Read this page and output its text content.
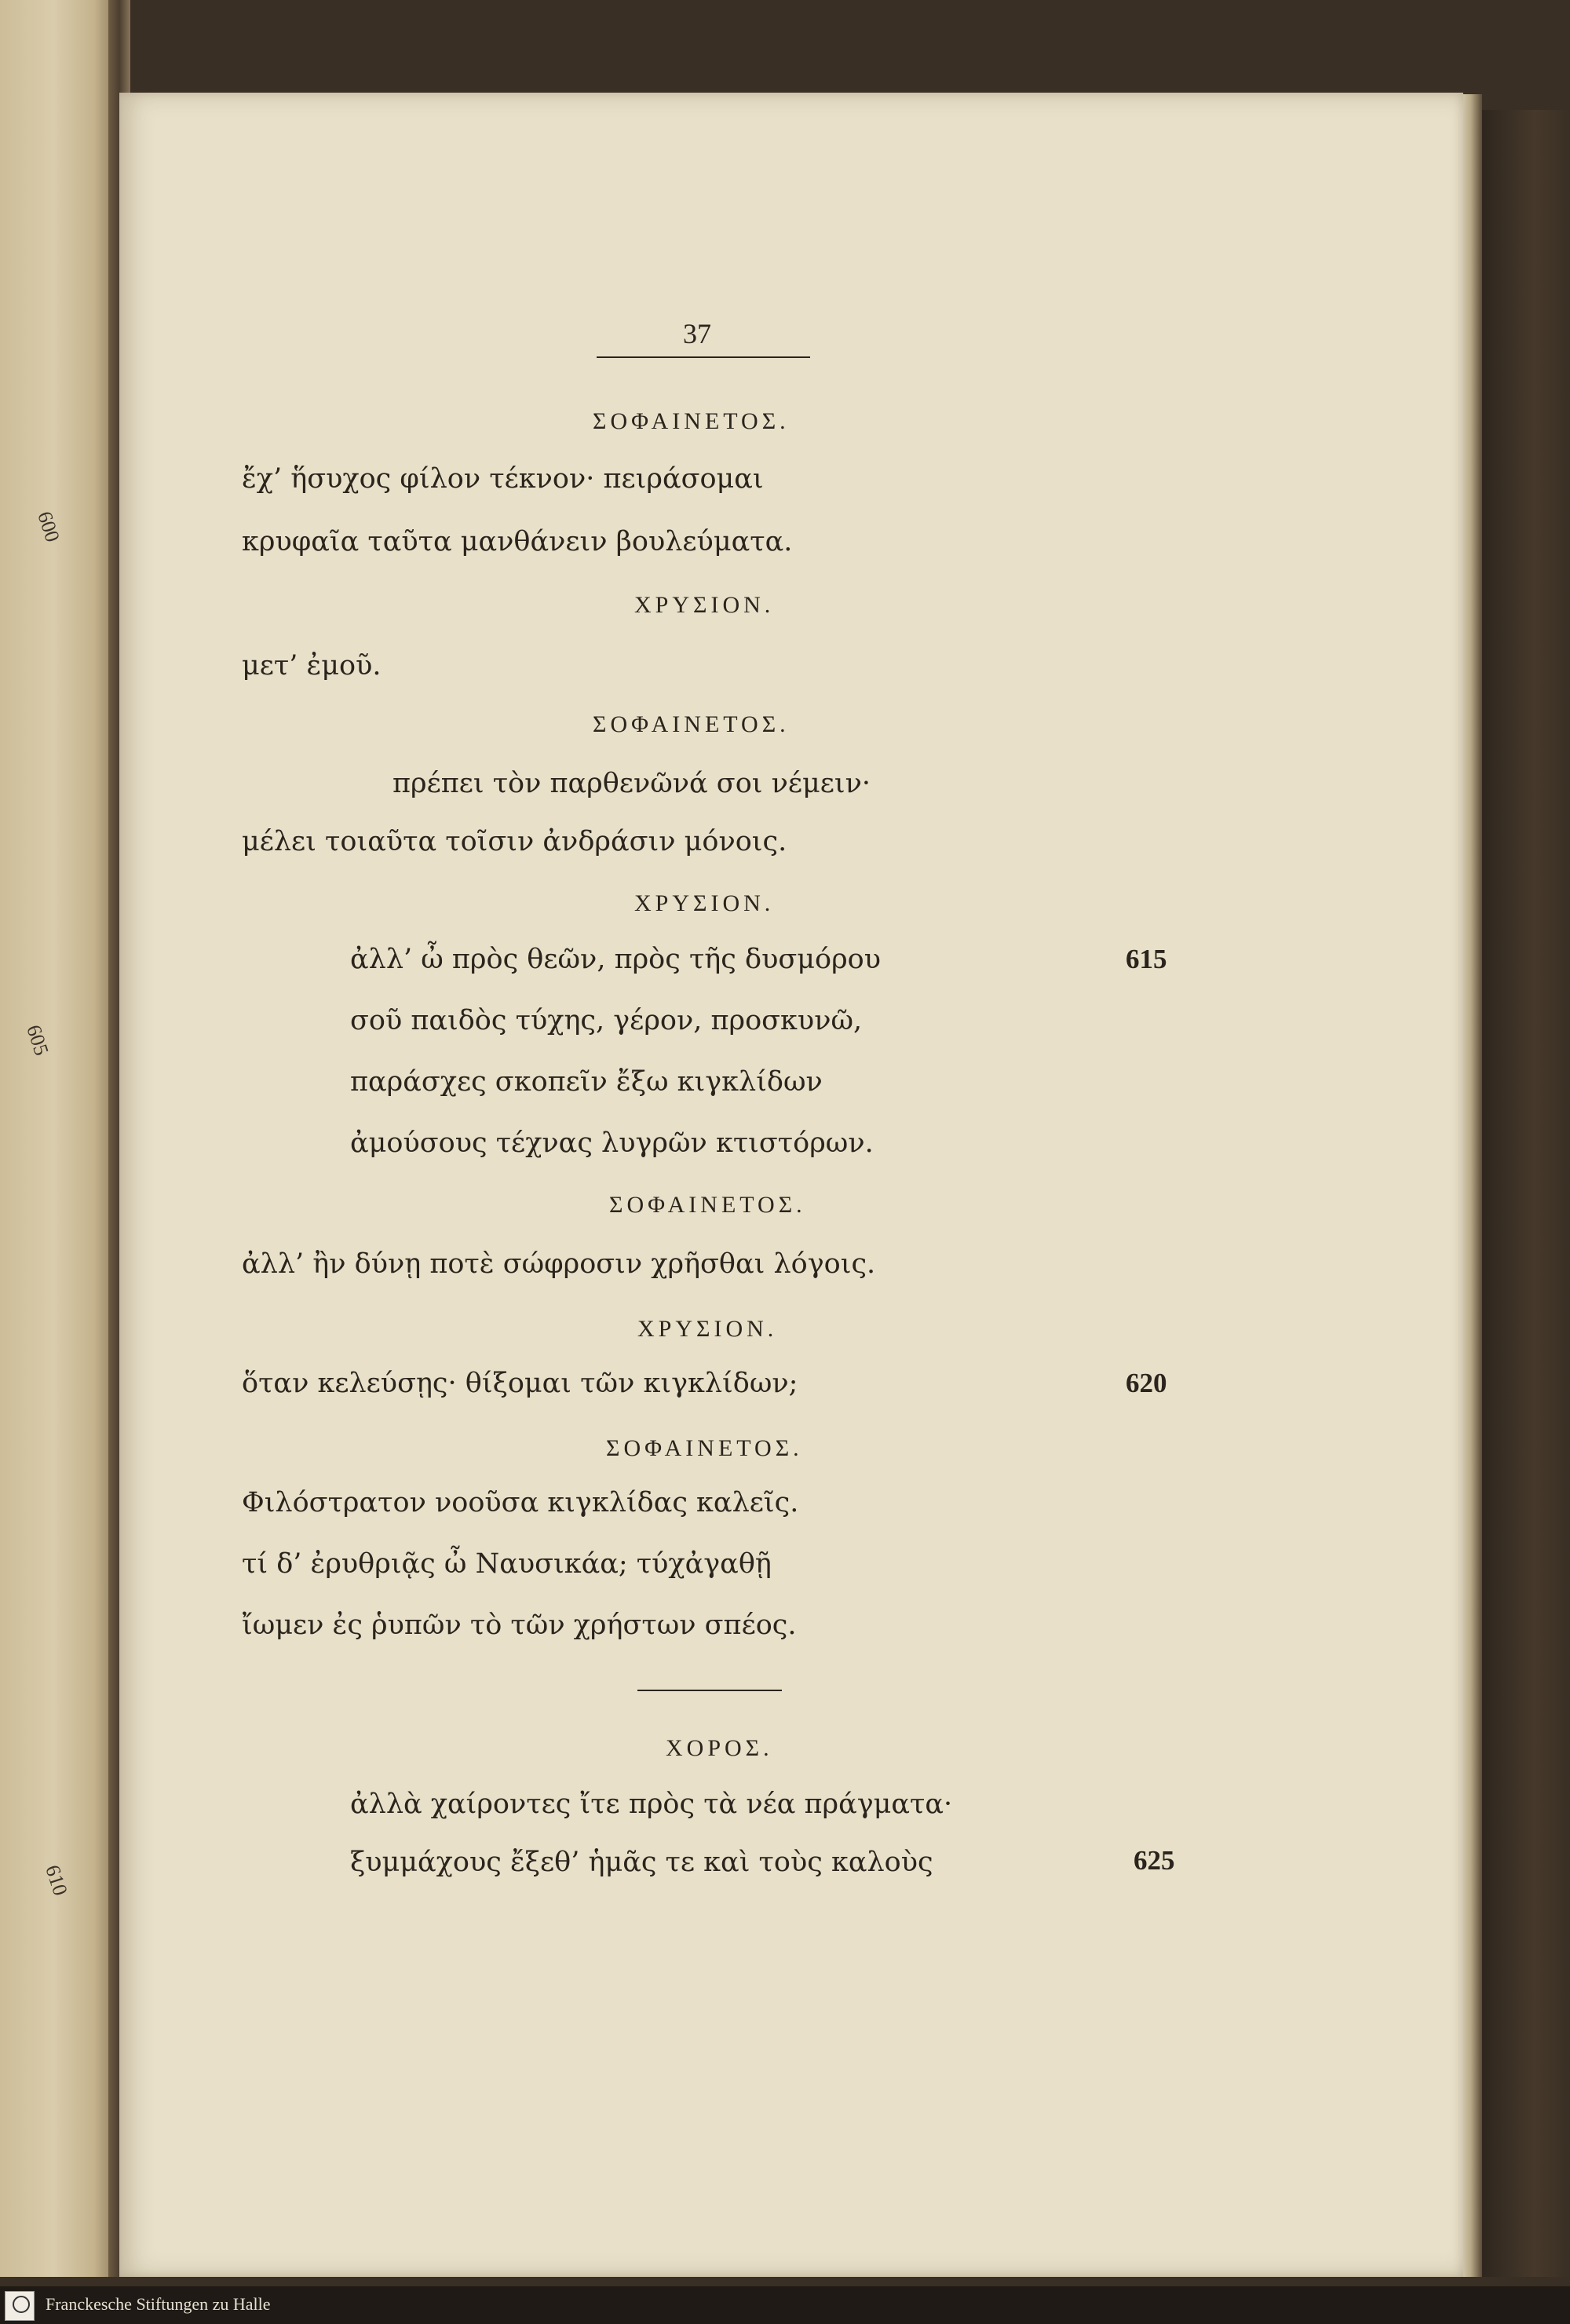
600
605
610
37
ΣΟΦΑΙΝΕΤΟΣ.
ἔχ’ ἥσυχος φίλον τέκνον· πειράσομαι
κρυφαῖα ταῦτα μανθάνειν βουλεύματα.
ΧΡΥΣΙΟΝ.
μετ’ ἐμοῦ.
ΣΟΦΑΙΝΕΤΟΣ.
πρέπει τὸν παρθενῶνά σοι νέμειν·
μέλει τοιαῦτα τοῖσιν ἀνδράσιν μόνοις.
ΧΡΥΣΙΟΝ.
ἀλλ’ ὦ πρὸς θεῶν, πρὸς τῆς δυσμόρου	615
σοῦ παιδὸς τύχης, γέρον, προσκυνῶ,
παράσχες σκοπεῖν ἔξω κιγκλίδων
ἀμούσους τέχνας λυγρῶν κτιστόρων.
ΣΟΦΑΙΝΕΤΟΣ.
ἀλλ’ ἢν δύνῃ ποτὲ σώφροσιν χρῆσθαι λόγοις.
ΧΡΥΣΙΟΝ.
ὅταν κελεύσῃς· θίξομαι τῶν κιγκλίδων;	620
ΣΟΦΑΙΝΕΤΟΣ.
Φιλόστρατον νοοῦσα κιγκλίδας καλεῖς.
τί δ’ ἐρυθριᾷς ὦ Ναυσικάα; τύχἀγαθῇ
ἴωμεν ἐς ῥυπῶν τὸ τῶν χρήστων σπέος.
ΧΟΡΟΣ.
ἀλλὰ χαίροντες ἴτε πρὸς τὰ νέα πράγματα·
ξυμμάχους ἔξεθ’ ἡμᾶς τε καὶ τοὺς καλοὺς	625
Franckesche Stiftungen zu Halle
